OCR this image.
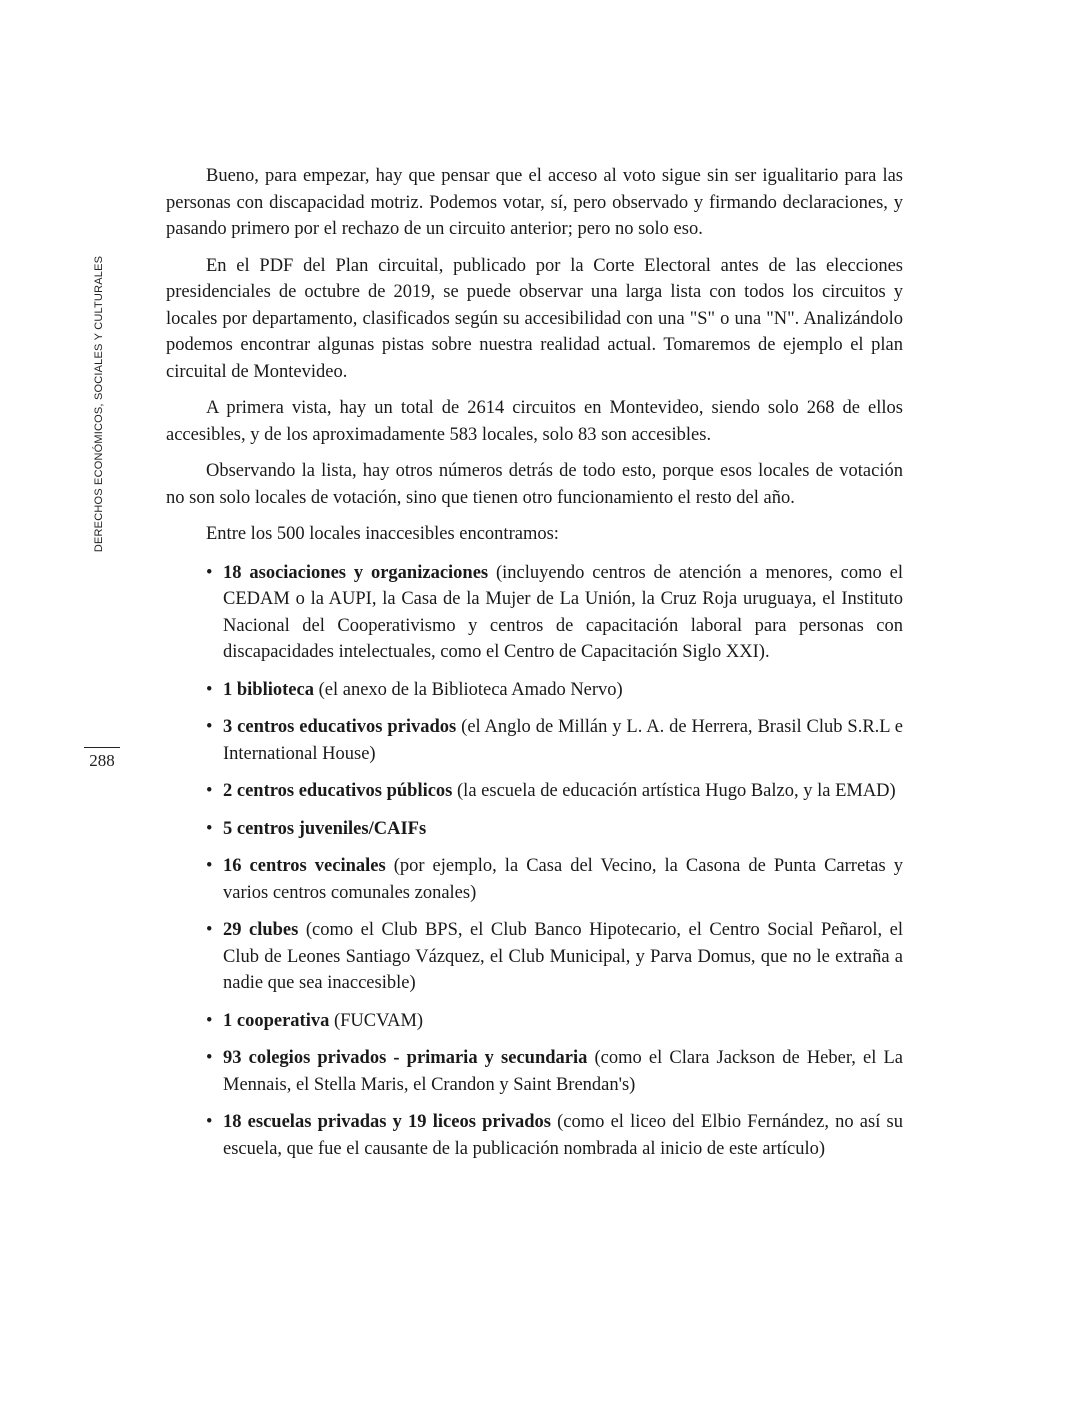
DERECHOS ECONÓMICOS, SOCIALES Y CULTURALES
288

Bueno, para empezar, hay que pensar que el acceso al voto sigue sin ser igualitario para las personas con discapacidad motriz. Podemos votar, sí, pero observado y firmando declaraciones, y pasando primero por el rechazo de un circuito anterior; pero no solo eso.

En el PDF del Plan circuital, publicado por la Corte Electoral antes de las elecciones presidenciales de octubre de 2019, se puede observar una larga lista con todos los circuitos y locales por departamento, clasificados según su accesibilidad con una "S" o una "N". Analizándolo podemos encontrar algunas pistas sobre nuestra realidad actual. Tomaremos de ejemplo el plan circuital de Montevideo.

A primera vista, hay un total de 2614 circuitos en Montevideo, siendo solo 268 de ellos accesibles, y de los aproximadamente 583 locales, solo 83 son accesibles.

Observando la lista, hay otros números detrás de todo esto, porque esos locales de votación no son solo locales de votación, sino que tienen otro funcionamiento el resto del año.

Entre los 500 locales inaccesibles encontramos:

• 18 asociaciones y organizaciones (incluyendo centros de atención a menores, como el CEDAM o la AUPI, la Casa de la Mujer de La Unión, la Cruz Roja uruguaya, el Instituto Nacional del Cooperativismo y centros de capacitación laboral para personas con discapacidades intelectuales, como el Centro de Capacitación Siglo XXI).
• 1 biblioteca (el anexo de la Biblioteca Amado Nervo)
• 3 centros educativos privados (el Anglo de Millán y L. A. de Herrera, Brasil Club S.R.L e International House)
• 2 centros educativos públicos (la escuela de educación artística Hugo Balzo, y la EMAD)
• 5 centros juveniles/CAIFs
• 16 centros vecinales (por ejemplo, la Casa del Vecino, la Casona de Punta Carretas y varios centros comunales zonales)
• 29 clubes (como el Club BPS, el Club Banco Hipotecario, el Centro Social Peñarol, el Club de Leones Santiago Vázquez, el Club Municipal, y Parva Domus, que no le extraña a nadie que sea inaccesible)
• 1 cooperativa (FUCVAM)
• 93 colegios privados - primaria y secundaria (como el Clara Jackson de Heber, el La Mennais, el Stella Maris, el Crandon y Saint Brendan's)
• 18 escuelas privadas y 19 liceos privados (como el liceo del Elbio Fernández, no así su escuela, que fue el causante de la publicación nombrada al inicio de este artículo)
